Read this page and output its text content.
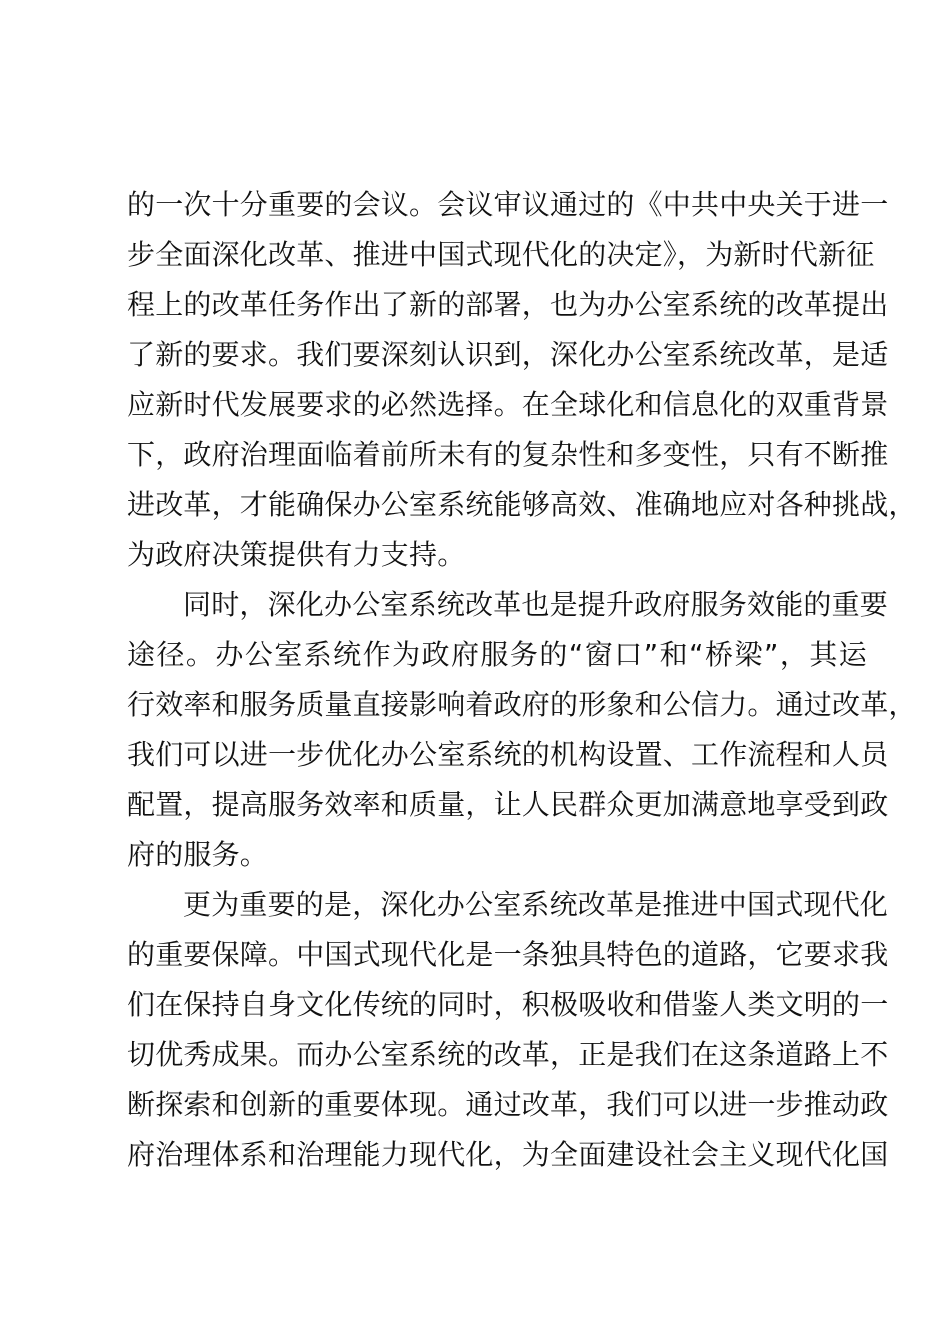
的一次十分重要的会议。会议审议通过的《中共中央关于进一
步全面深化改革、推进中国式现代化的决定》，为新时代新征
程上的改革任务作出了新的部署，也为办公室系统的改革提出
了新的要求。我们要深刻认识到，深化办公室系统改革，是适
应新时代发展要求的必然选择。在全球化和信息化的双重背景
下，政府治理面临着前所未有的复杂性和多变性，只有不断推
进改革，才能确保办公室系统能够高效、准确地应对各种挑战，
为政府决策提供有力支持。
同时，深化办公室系统改革也是提升政府服务效能的重要
途径。办公室系统作为政府服务的“窗口”和“桥梁”，其运
行效率和服务质量直接影响着政府的形象和公信力。通过改革，
我们可以进一步优化办公室系统的机构设置、工作流程和人员
配置，提高服务效率和质量，让人民群众更加满意地享受到政
府的服务。
更为重要的是，深化办公室系统改革是推进中国式现代化
的重要保障。中国式现代化是一条独具特色的道路，它要求我
们在保持自身文化传统的同时，积极吸收和借鉴人类文明的一
切优秀成果。而办公室系统的改革，正是我们在这条道路上不
断探索和创新的重要体现。通过改革，我们可以进一步推动政
府治理体系和治理能力现代化，为全面建设社会主义现代化国
